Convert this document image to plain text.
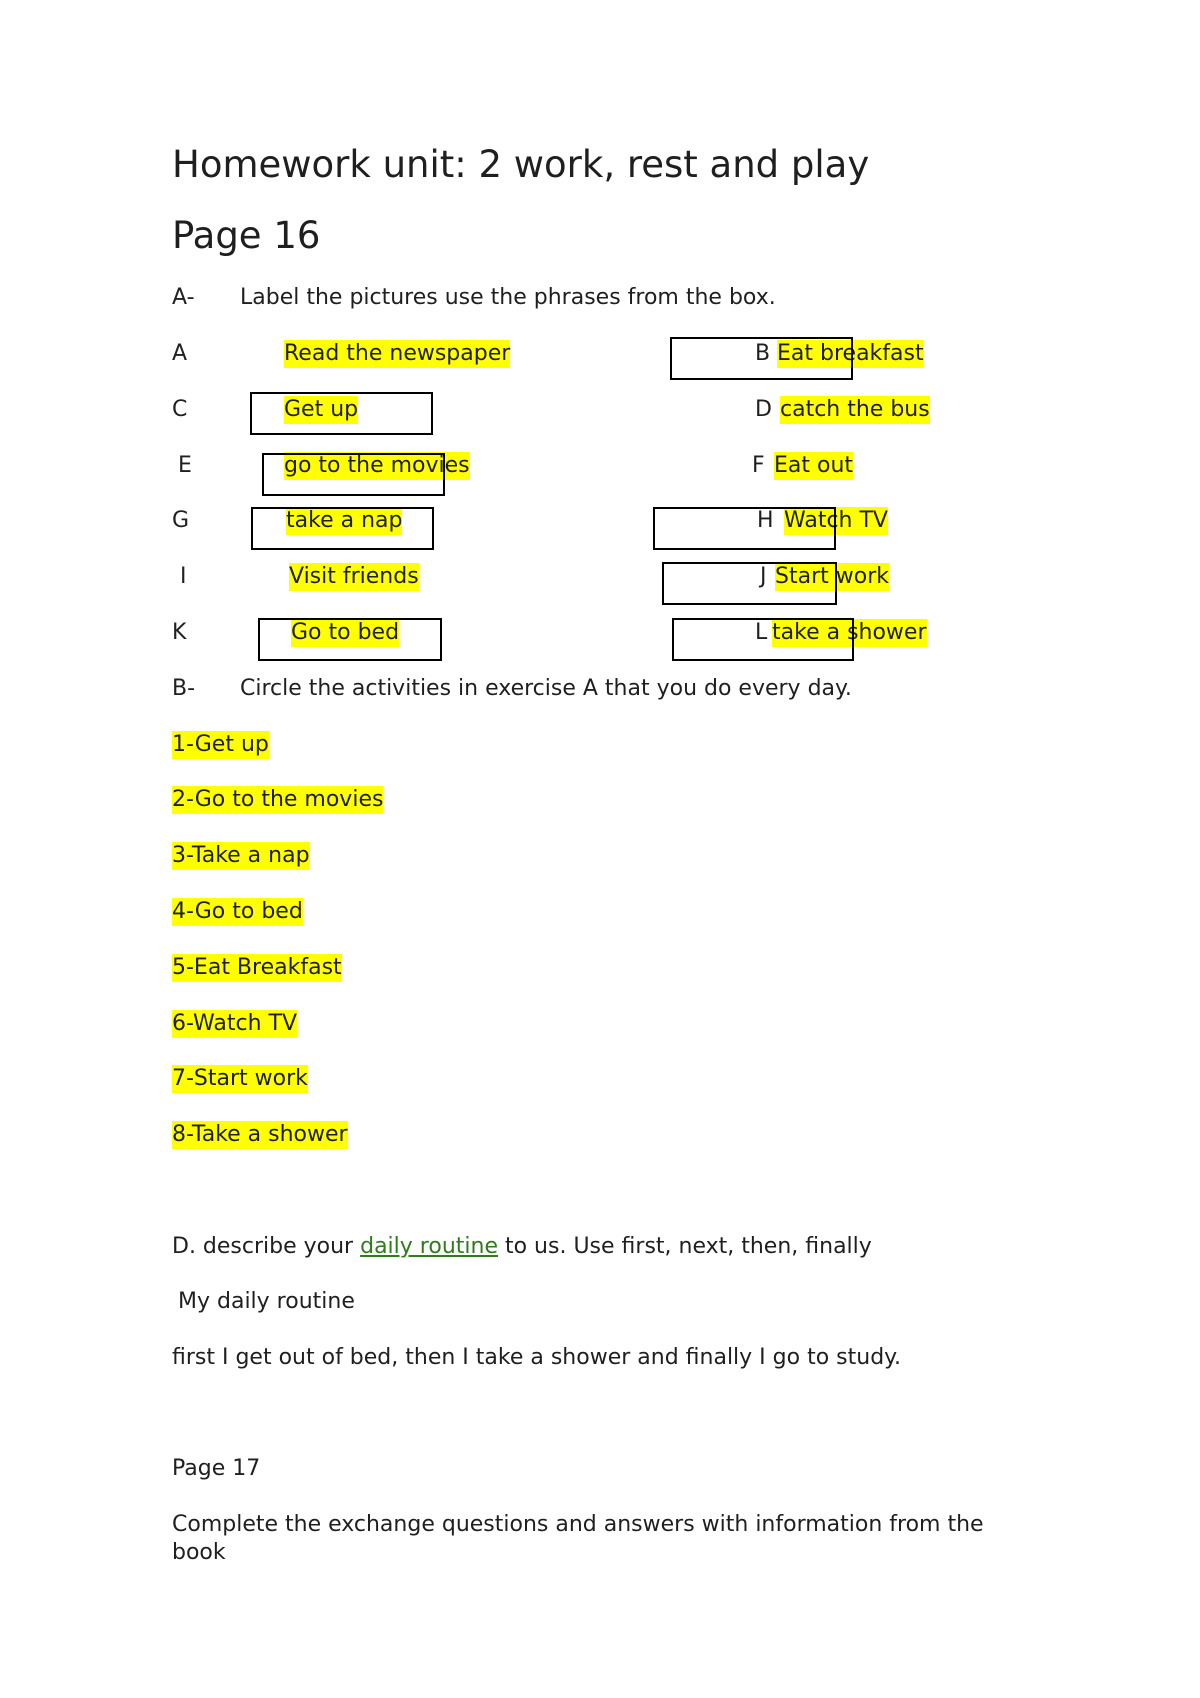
Homework unit: 2 work, rest and play
Page 16
A- Label the pictures use the phrases from the box.
A	Read the newspaper	B Eat breakfast
C	Get up	D catch the bus
E	go to the movies	F Eat out
G	take a nap	H Watch TV
I	Visit friends	J Start work
K	Go to bed	L take a shower
B- Circle the activities in exercise A that you do every day.
1-Get up
2-Go to the movies
3-Take a nap
4-Go to bed
5-Eat Breakfast
6-Watch TV
7-Start work
8-Take a shower
D. describe your daily routine to us. Use first, next, then, finally
My daily routine
first I get out of bed, then I take a shower and finally I go to study.
Page 17
Complete the exchange questions and answers with information from the
book
